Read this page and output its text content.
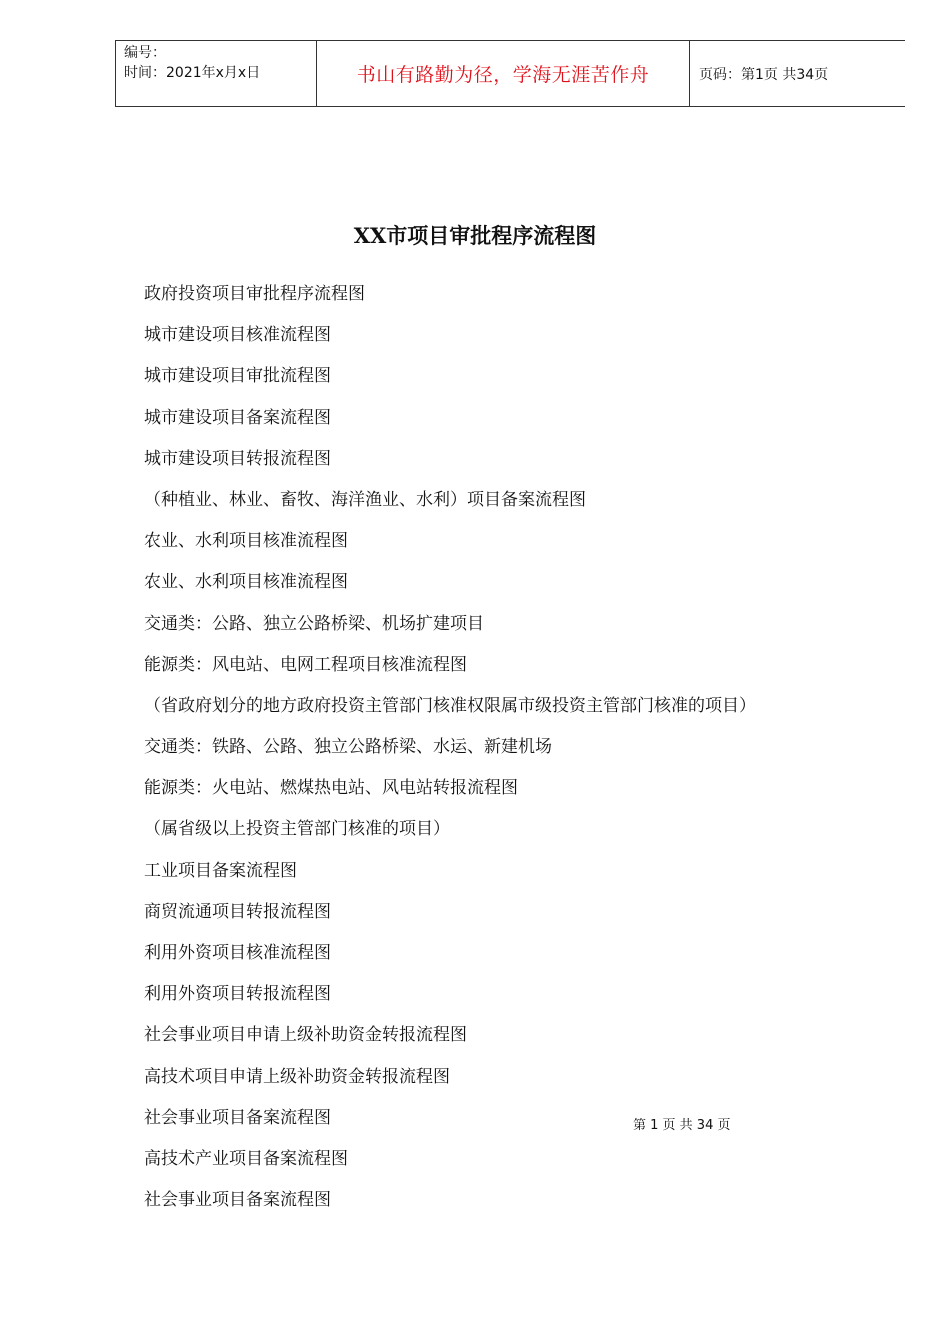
编号：
时间：2021年x月x日	书山有路勤为径，学海无涯苦作舟	页码：第1页 共34页
XX市项目审批程序流程图
政府投资项目审批程序流程图
城市建设项目核准流程图
城市建设项目审批流程图
城市建设项目备案流程图
城市建设项目转报流程图
（种植业、林业、畜牧、海洋渔业、水利）项目备案流程图
农业、水利项目核准流程图
农业、水利项目核准流程图
交通类：公路、独立公路桥梁、机场扩建项目
能源类：风电站、电网工程项目核准流程图
（省政府划分的地方政府投资主管部门核准权限属市级投资主管部门核准的项目）
交通类：铁路、公路、独立公路桥梁、水运、新建机场
能源类：火电站、燃煤热电站、风电站转报流程图
（属省级以上投资主管部门核准的项目）
工业项目备案流程图
商贸流通项目转报流程图
利用外资项目核准流程图
利用外资项目转报流程图
社会事业项目申请上级补助资金转报流程图
高技术项目申请上级补助资金转报流程图
社会事业项目备案流程图
高技术产业项目备案流程图
社会事业项目备案流程图
第 1 页 共 34 页
